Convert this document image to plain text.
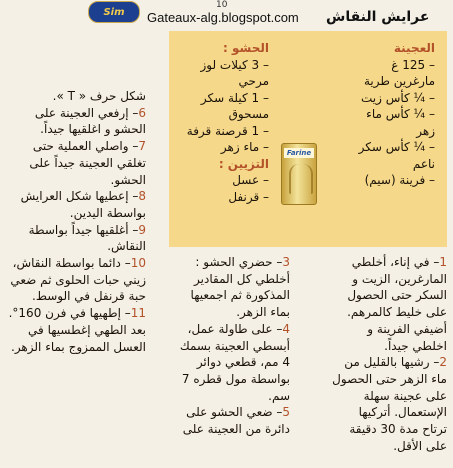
10
Sim	Gateaux-alg.blogspot.com عرايش النقاش
العجينة
– 125 غ
مارغرين طرية
– ¼ كأس زيت
– ¼ كأس ماء
زهر
– ¼ كأس سكر
ناعم
– فرينة (سيم)
الحشو :
– 3 كيلات لوز
مرحي
– 1 كيلة سكر
مسحوق
– 1 قرصنة قرفة
– ماء زهر
التزيين :
– عسل
– قرنفل
Farine

1– في إناء، أخلطي المارغرين، الزيت و السكر حتى الحصول على خليط كالمرهم. أضيفي الفرينة و اخلطي جيداً.

2– رشيها بالقليل من ماء الزهر حتى الحصول على عجينة سهلة الإستعمال. أتركيها ترتاح مدة 30 دقيقة على الأقل.

3– حضري الحشو : أخلطي كل المقادير المذكورة ثم اجمعيها بماء الزهر.

4– على طاولة عمل، أبسطي العجينة بسمك 4 مم، قطعي دوائر بواسطة مول قطره 7 سم.

5– ضعي الحشو على دائرة من العجينة على

شكل حرف « T ».

6– إرفعي العجينة على الحشو و اغلقيها جيداً.

7– واصلي العملية حتى تغلقي العجينة جيداً على الحشو.

8– إعطيها شكل العرايش بواسطة اليدين.

9– أغلقيها جيداً بواسطة النقاش.

10– دائما بواسطة النقاش، زيني حبات الحلوى ثم ضعي حبة قرنفل في الوسط.

11– إطهيها في فرن 160°. بعد الطهي إغطسيها في العسل الممزوج بماء الزهر.
